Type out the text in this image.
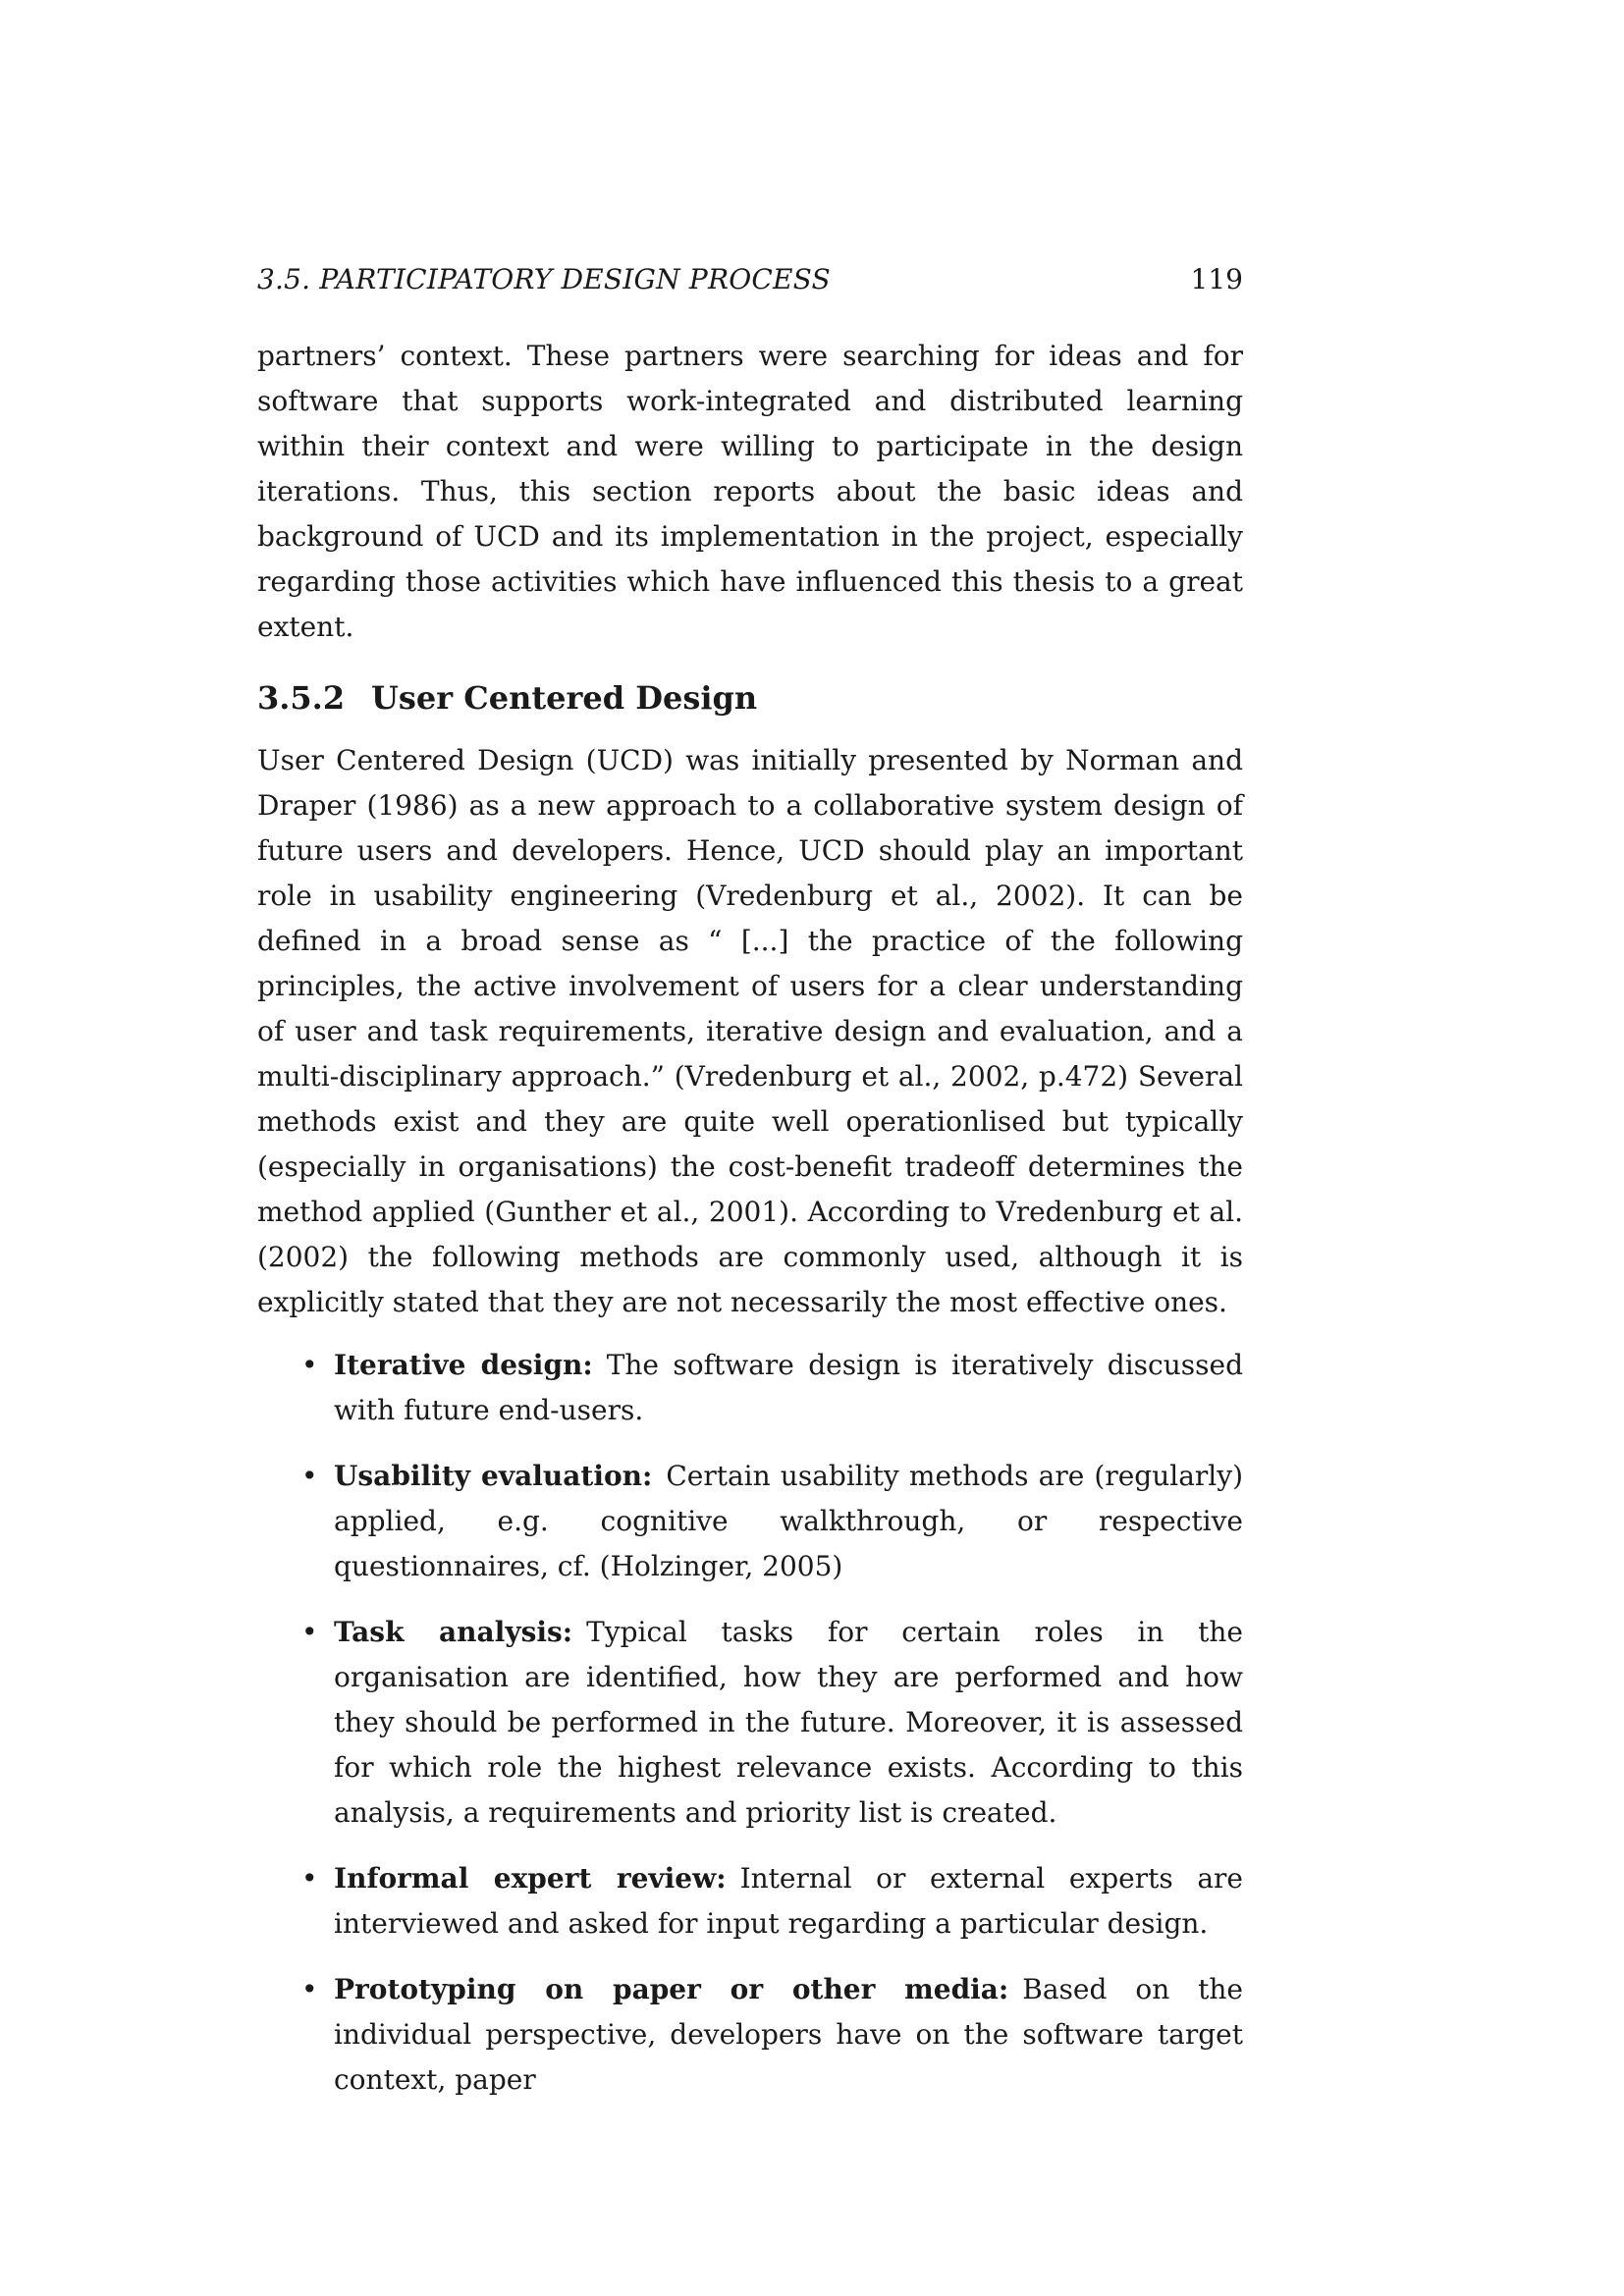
3.5. PARTICIPATORY DESIGN PROCESS	119

partners’ context. These partners were searching for ideas and for software that supports work-integrated and distributed learning within their context and were willing to participate in the design iterations. Thus, this section reports about the basic ideas and background of UCD and its implementation in the project, especially regarding those activities which have influenced this thesis to a great extent.

3.5.2 User Centered Design

User Centered Design (UCD) was initially presented by Norman and Draper (1986) as a new approach to a collaborative system design of future users and developers. Hence, UCD should play an important role in usability engineering (Vredenburg et al., 2002). It can be defined in a broad sense as “ [...] the practice of the following principles, the active involvement of users for a clear understanding of user and task requirements, iterative design and evaluation, and a multi-disciplinary approach.” (Vredenburg et al., 2002, p.472) Several methods exist and they are quite well operationlised but typically (especially in organisations) the cost-benefit tradeoff determines the method applied (Gunther et al., 2001). According to Vredenburg et al. (2002) the following methods are commonly used, although it is explicitly stated that they are not necessarily the most effective ones.

• Iterative design: The software design is iteratively discussed with future end-users.
• Usability evaluation: Certain usability methods are (regularly) applied, e.g. cognitive walkthrough, or respective questionnaires, cf. (Holzinger, 2005)
• Task analysis: Typical tasks for certain roles in the organisation are identified, how they are performed and how they should be performed in the future. Moreover, it is assessed for which role the highest relevance exists. According to this analysis, a requirements and priority list is created.
• Informal expert review: Internal or external experts are interviewed and asked for input regarding a particular design.
• Prototyping on paper or other media: Based on the individual perspective, developers have on the software target context, paper
